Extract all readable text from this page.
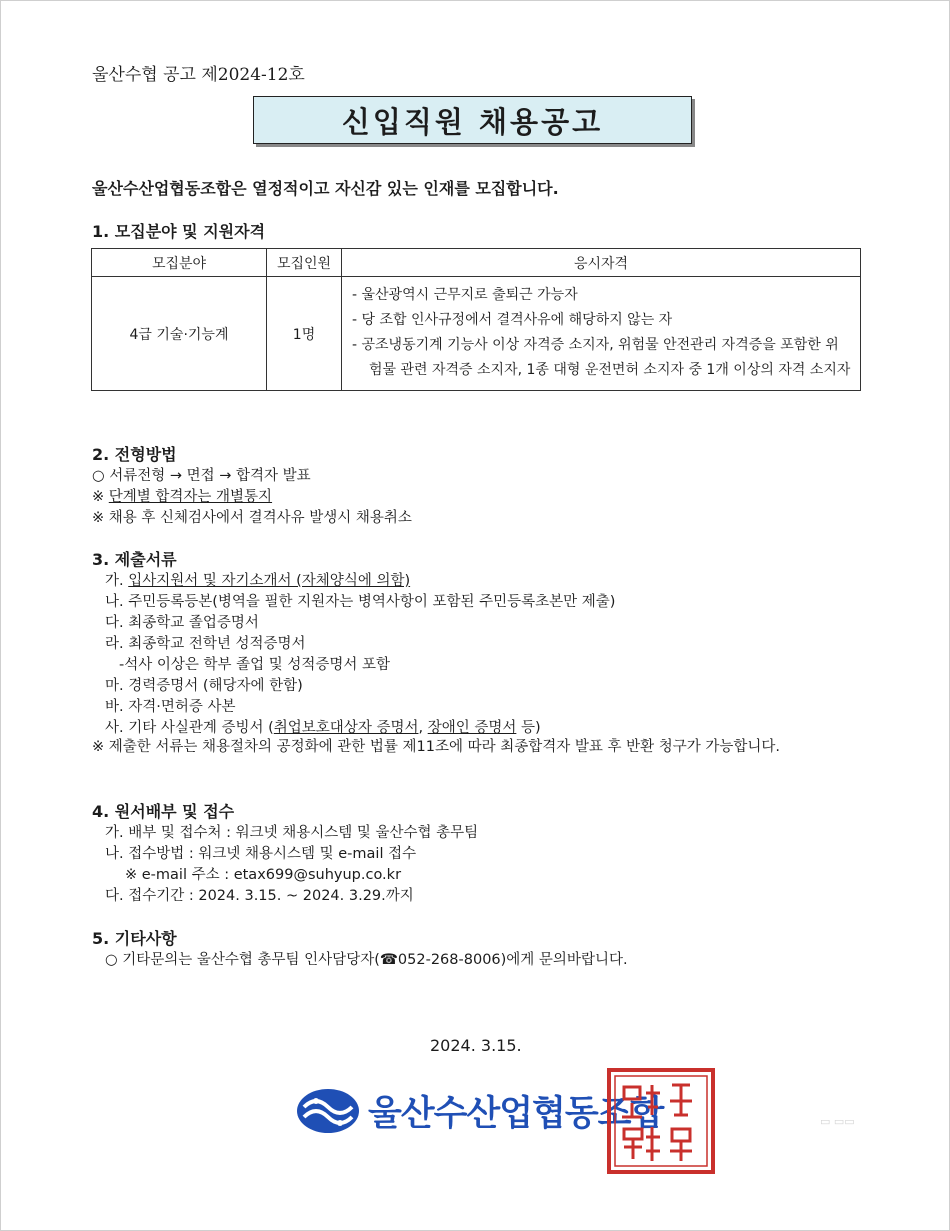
울산수협 공고 제2024-12호
신입직원 채용공고
울산수산업협동조합은 열정적이고 자신감 있는 인재를 모집합니다.
1. 모집분야 및 지원자격
모집분야	모집인원	응시자격
4급 기술·기능계	1명	- 울산광역시 근무지로 출퇴근 가능자
- 당 조합 인사규정에서 결격사유에 해당하지 않는 자
- 공조냉동기계 기능사 이상 자격증 소지자, 위험물 안전관리 자격증을 포함한 위험물 관련 자격증 소지자, 1종 대형 운전면허 소지자 중 1개 이상의 자격 소지자
2. 전형방법
○ 서류전형 → 면접 → 합격자 발표
※ 단계별 합격자는 개별통지
※ 채용 후 신체검사에서 결격사유 발생시 채용취소
3. 제출서류
가. 입사지원서 및 자기소개서 (자체양식에 의함)
나. 주민등록등본(병역을 필한 지원자는 병역사항이 포함된 주민등록초본만 제출)
다. 최종학교 졸업증명서
라. 최종학교 전학년 성적증명서
-석사 이상은 학부 졸업 및 성적증명서 포함
마. 경력증명서 (해당자에 한함)
바. 자격·면허증 사본
사. 기타 사실관계 증빙서 (취업보호대상자 증명서, 장애인 증명서 등)
※ 제출한 서류는 채용절차의 공정화에 관한 법률 제11조에 따라 최종합격자 발표 후 반환 청구가 가능합니다.
4. 원서배부 및 접수
가. 배부 및 접수처 : 워크넷 채용시스템 및 울산수협 총무팀
나. 접수방법 : 워크넷 채용시스템 및 e-mail 접수
※ e-mail 주소 : etax699@suhyup.co.kr
다. 접수기간 : 2024. 3.15. ~ 2024. 3.29.까지
5. 기타사항
○ 기타문의는 울산수협 총무팀 인사담당자(☎052-268-8006)에게 문의바랍니다.
2024. 3.15.
울산수산업협동조합	▭ ▭▭
